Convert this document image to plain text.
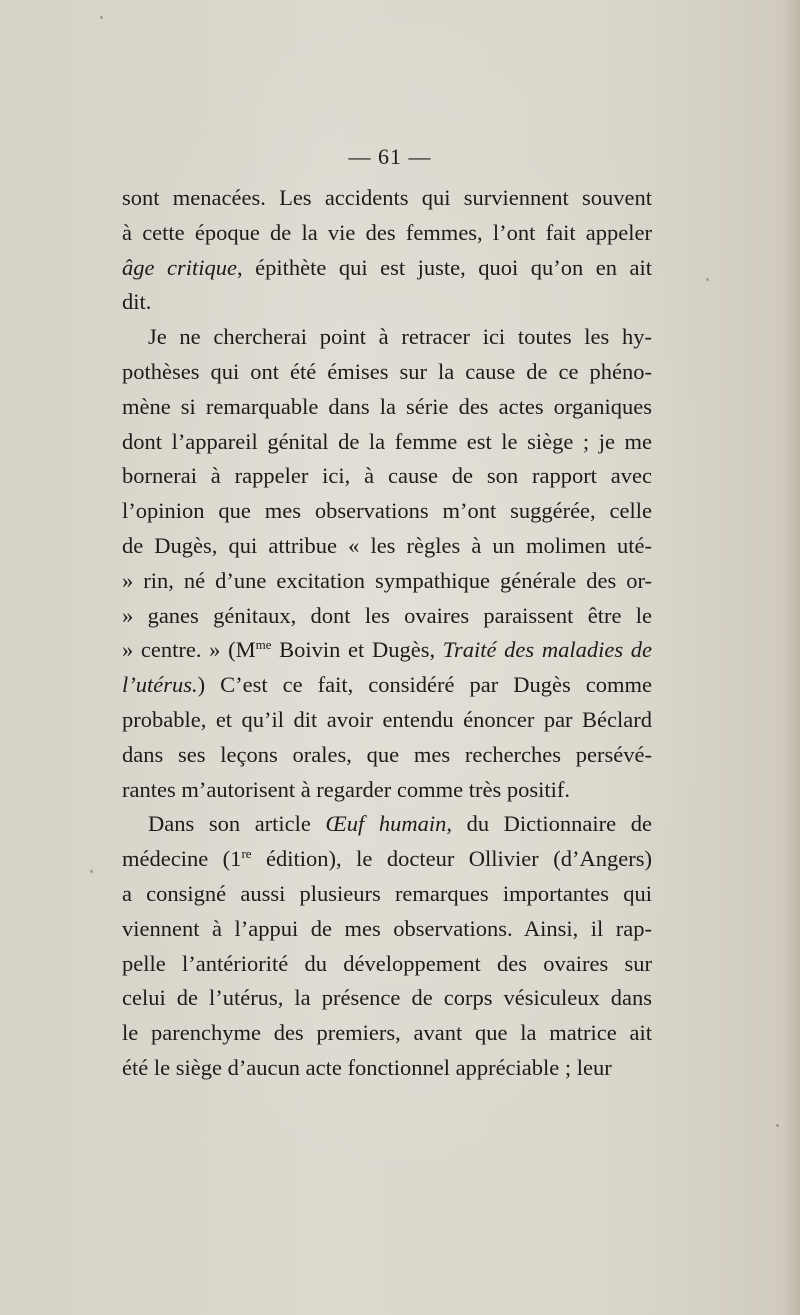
— 61 —
sont menacées. Les accidents qui surviennent souvent
à cette époque de la vie des femmes, l’ont fait appeler
âge critique, épithète qui est juste, quoi qu’on en ait
dit.
Je ne chercherai point à retracer ici toutes les hy-
pothèses qui ont été émises sur la cause de ce phéno-
mène si remarquable dans la série des actes organiques
dont l’appareil génital de la femme est le siège ; je me
bornerai à rappeler ici, à cause de son rapport avec
l’opinion que mes observations m’ont suggérée, celle
de Dugès, qui attribue « les règles à un molimen uté-
» rin, né d’une excitation sympathique générale des or-
» ganes génitaux, dont les ovaires paraissent être le
» centre. » ($M^{me}$ Boivin et Dugès, Traité des maladies de
l’utérus.) C’est ce fait, considéré par Dugès comme
probable, et qu’il dit avoir entendu énoncer par Béclard
dans ses leçons orales, que mes recherches persévé-
rantes m’autorisent à regarder comme très positif.
Dans son article Œuf humain, du Dictionnaire de
médecine (1re édition), le docteur Ollivier (d’Angers)
a consigné aussi plusieurs remarques importantes qui
viennent à l’appui de mes observations. Ainsi, il rap-
pelle l’antériorité du développement des ovaires sur
celui de l’utérus, la présence de corps vésiculeux dans
le parenchyme des premiers, avant que la matrice ait
été le siège d’aucun acte fonctionnel appréciable ; leur
